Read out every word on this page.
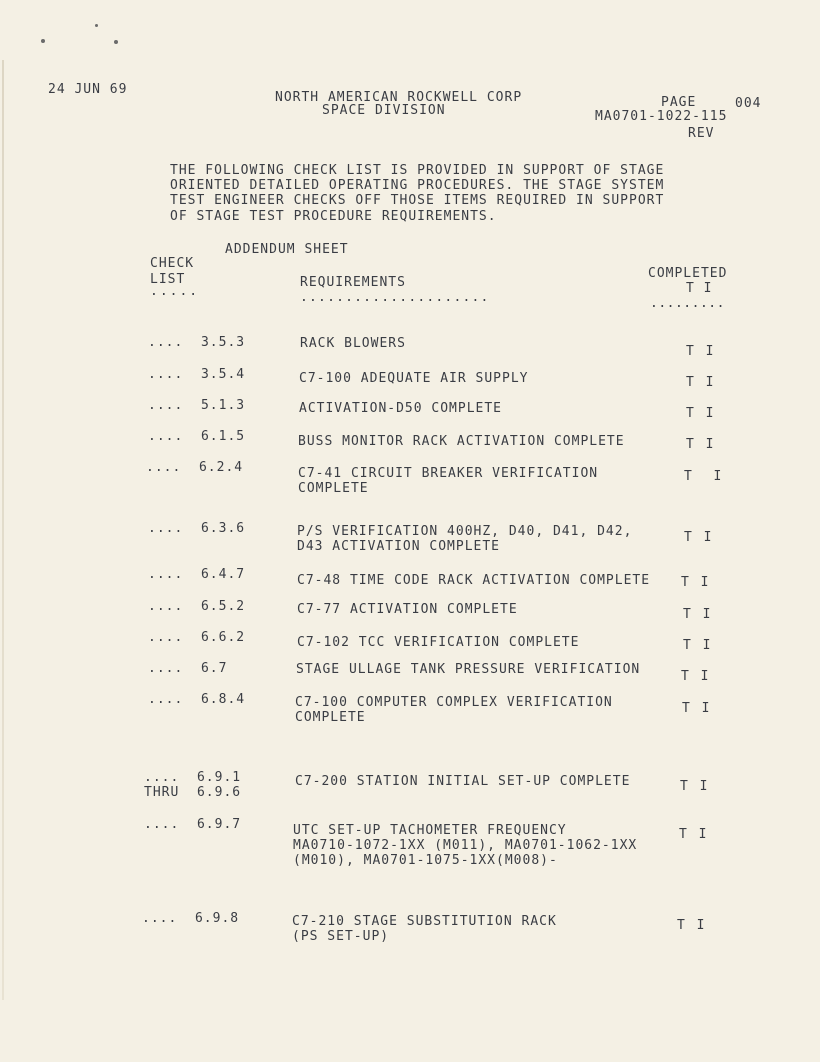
24 JUN 69
NORTH AMERICAN ROCKWELL CORP
SPACE DIVISION
PAGE	004
MA0701-1022-115
REV
THE FOLLOWING CHECK LIST IS PROVIDED IN SUPPORT OF STAGE
ORIENTED DETAILED OPERATING PROCEDURES. THE STAGE SYSTEM
TEST ENGINEER CHECKS OFF THOSE ITEMS REQUIRED IN SUPPORT
OF STAGE TEST PROCEDURE REQUIREMENTS.
ADDENDUM SHEET
CHECK
LIST
.....
REQUIREMENTS
.....................
COMPLETED
T I
.........
....  3.5.3	RACK BLOWERS
T I
....  3.5.4	C7-100 ADEQUATE AIR SUPPLY	T I
....  5.1.3	ACTIVATION-D50 COMPLETE	T I
....  6.1.5	BUSS MONITOR RACK ACTIVATION COMPLETE	T I
....  6.2.4	C7-41 CIRCUIT BREAKER VERIFICATION
COMPLETE
T  I
....  6.3.6	P/S VERIFICATION 400HZ, D40, D41, D42,
D43 ACTIVATION COMPLETE
T I
....  6.4.7	C7-48 TIME CODE RACK ACTIVATION COMPLETE T I
....  6.5.2	C7-77 ACTIVATION COMPLETE	T I
....  6.6.2	C7-102 TCC VERIFICATION COMPLETE	T I
....  6.7	STAGE ULLAGE TANK PRESSURE VERIFICATION	T I
....  6.8.4	C7-100 COMPUTER COMPLEX VERIFICATION
COMPLETE
T I
....  6.9.1
THRU  6.9.6
C7-200 STATION INITIAL SET-UP COMPLETE	T I
....  6.9.7	UTC SET-UP TACHOMETER FREQUENCY
MA0710-1072-1XX (M011), MA0701-1062-1XX
(M010), MA0701-1075-1XX(M008)-
T I
....  6.9.8	C7-210 STAGE SUBSTITUTION RACK
(PS SET-UP)
T I
